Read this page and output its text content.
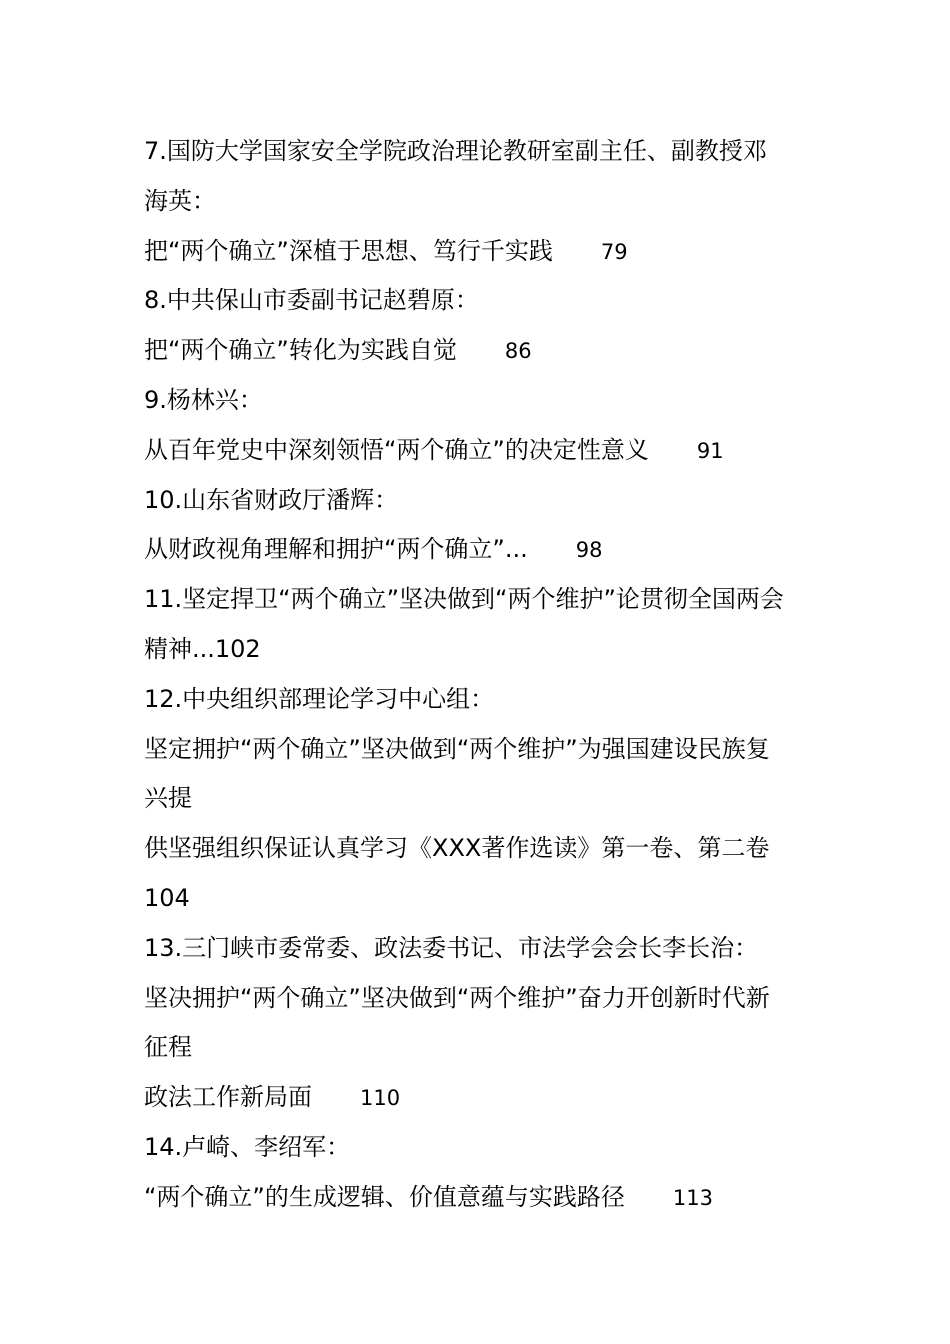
7.国防大学国家安全学院政治理论教研室副主任、副教授邓
海英：
把“两个确立”深植于思想、笃行千实践 79
8.中共保山市委副书记赵碧原：
把“两个确立”转化为实践自觉 86
9.杨林兴：
从百年党史中深刻领悟“两个确立”的决定性意义 91
10.山东省财政厅潘辉：
从财政视角理解和拥护“两个确立”... 98
11.坚定捍卫“两个确立”坚决做到“两个维护”论贯彻全国两会
精神...102
12.中央组织部理论学习中心组：
坚定拥护“两个确立”坚决做到“两个维护”为强国建设民族复
兴提
供坚强组织保证认真学习《XXX著作选读》第一卷、第二卷
104
13.三门峡市委常委、政法委书记、市法学会会长李长治：
坚决拥护“两个确立”坚决做到“两个维护”奋力开创新时代新
征程
政法工作新局面 110
14.卢崎、李绍军：
“两个确立”的生成逻辑、价值意蕴与实践路径 113
